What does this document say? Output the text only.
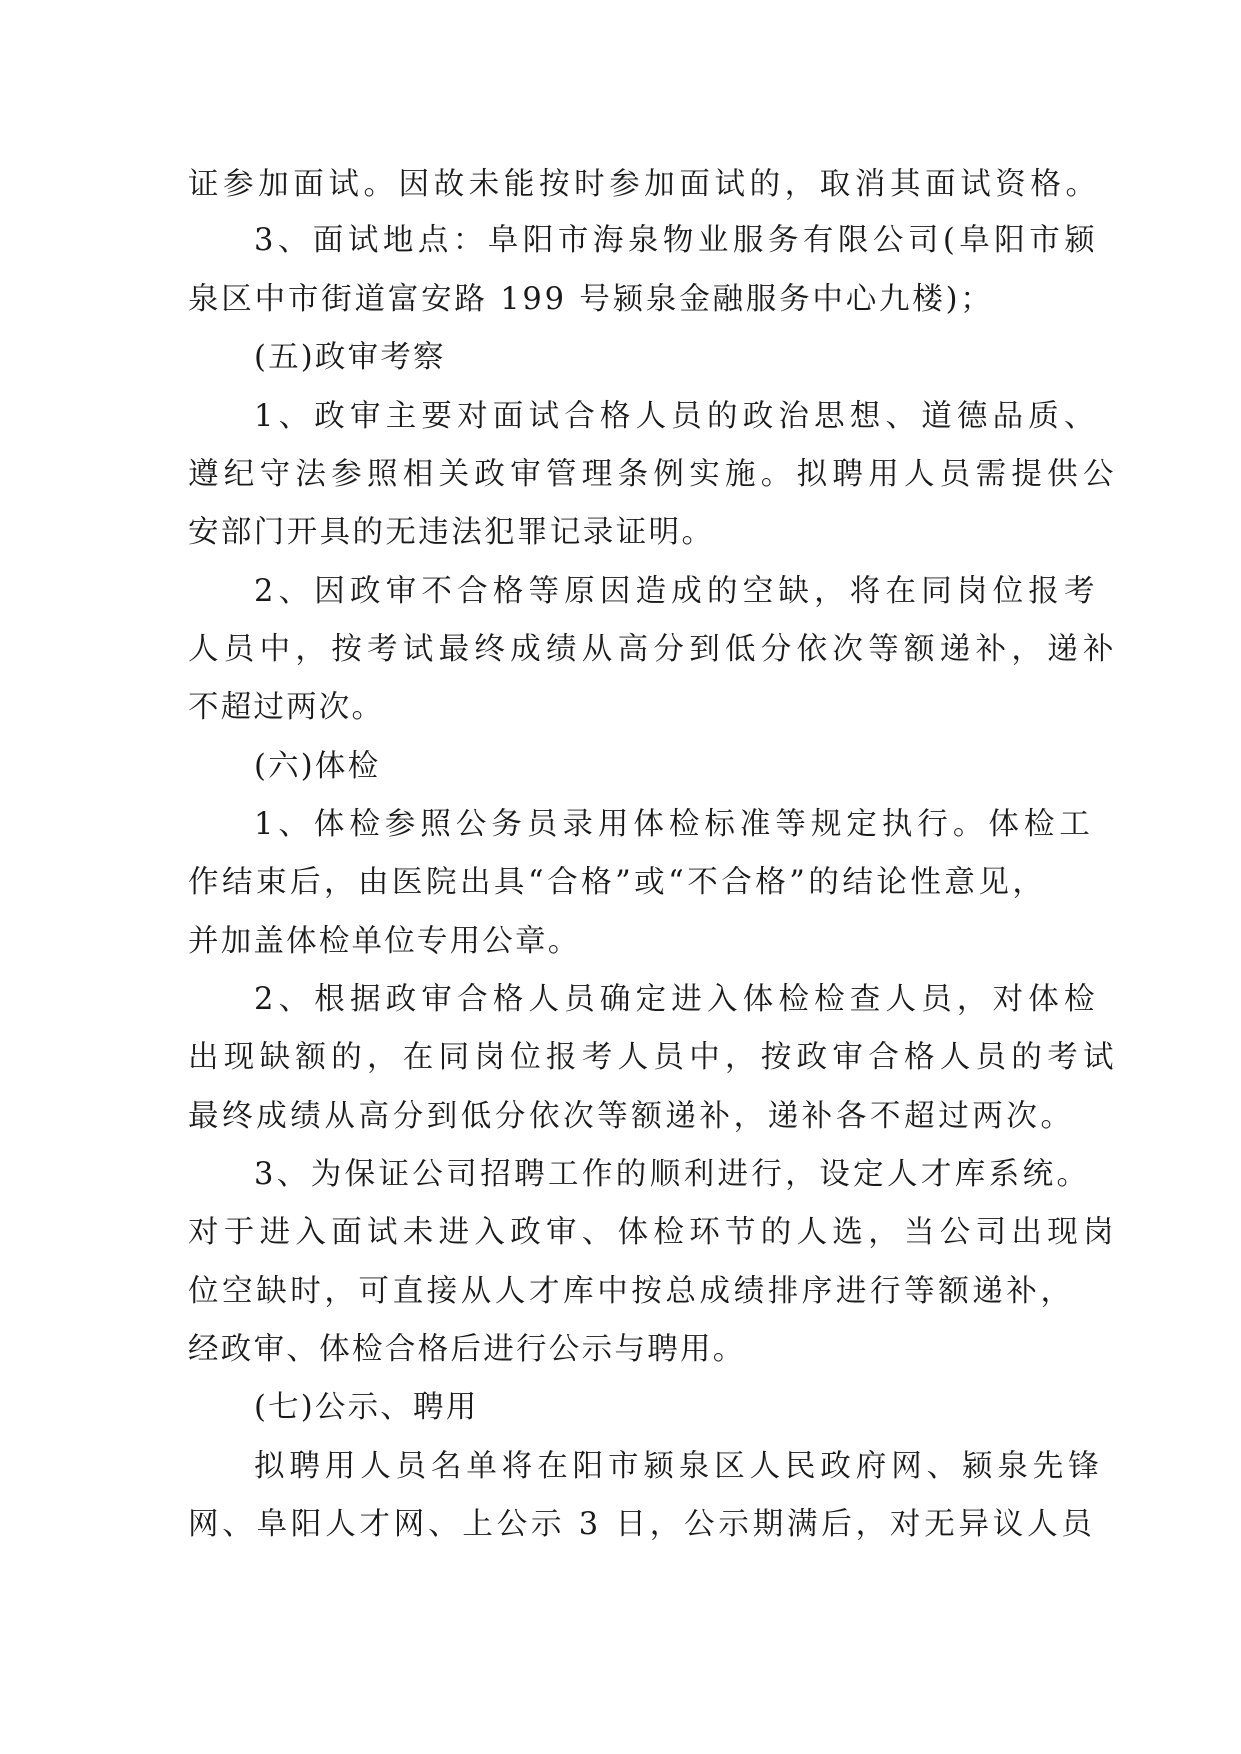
证参加面试。因故未能按时参加面试的，取消其面试资格。
3、面试地点：阜阳市海泉物业服务有限公司(阜阳市颍
泉区中市街道富安路 199 号颍泉金融服务中心九楼)；
(五)政审考察
1、政审主要对面试合格人员的政治思想、道德品质、
遵纪守法参照相关政审管理条例实施。拟聘用人员需提供公
安部门开具的无违法犯罪记录证明。
2、因政审不合格等原因造成的空缺，将在同岗位报考
人员中，按考试最终成绩从高分到低分依次等额递补，递补
不超过两次。
(六)体检
1、体检参照公务员录用体检标准等规定执行。体检工
作结束后，由医院出具“合格”或“不合格”的结论性意见，
并加盖体检单位专用公章。
2、根据政审合格人员确定进入体检检查人员，对体检
出现缺额的，在同岗位报考人员中，按政审合格人员的考试
最终成绩从高分到低分依次等额递补，递补各不超过两次。
3、为保证公司招聘工作的顺利进行，设定人才库系统。
对于进入面试未进入政审、体检环节的人选，当公司出现岗
位空缺时，可直接从人才库中按总成绩排序进行等额递补，
经政审、体检合格后进行公示与聘用。
(七)公示、聘用
拟聘用人员名单将在阳市颍泉区人民政府网、颍泉先锋
网、阜阳人才网、上公示 3 日，公示期满后，对无异议人员
